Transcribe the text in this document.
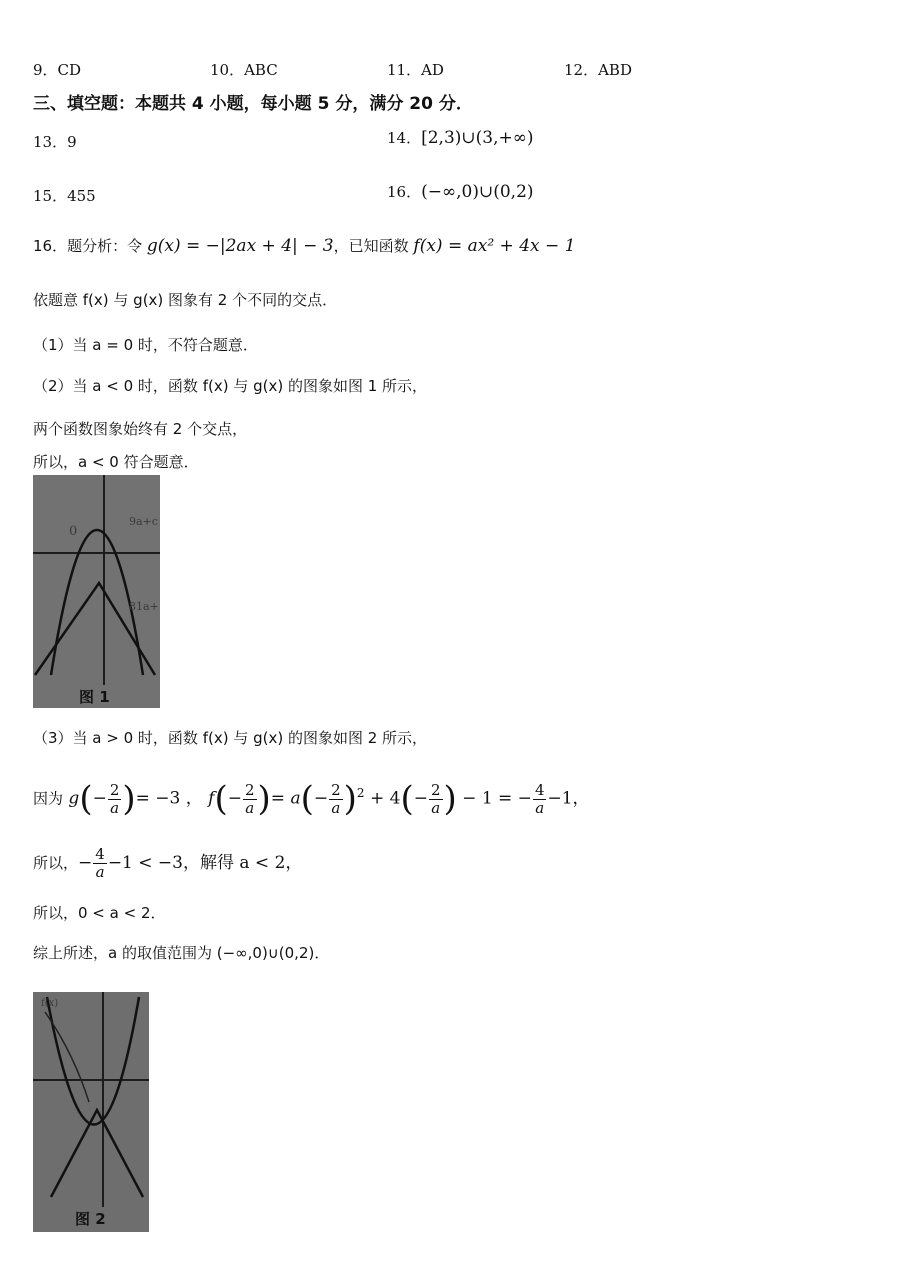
9．CD	10．ABC	11．AD	12．ABD
三、填空题：本题共 4 小题，每小题 5 分，满分 20 分．
13．9	14．[2,3)∪(3,+∞)
15．455	16．(−∞,0)∪(0,2)
16．题分析：令 g(x) = −|2ax + 4| − 3，已知函数 f(x) = ax² + 4x − 1
依题意 f(x) 与 g(x) 图象有 2 个不同的交点．
（1）当 a = 0 时，不符合题意．
（2）当 a < 0 时，函数 f(x) 与 g(x) 的图象如图 1 所示，
两个函数图象始终有 2 个交点，
所以，a < 0 符合题意．
0
9a+c
81a+
图 1
（3）当 a > 0 时，函数 f(x) 与 g(x) 的图象如图 2 所示，
因为 $g(- \frac{2}{a}$ )= −3 ， $f(- \frac{2}{a}$ )= $a(- \frac{2}{a} )^2 + 4(- \frac{2}{a}$ ) − 1 = − $\frac{4}{a} -1$，
所以，− $\frac{4}{a} -1 < -3$，解得 a < 2，
所以，0 < a < 2．
综上所述，a 的取值范围为 (−∞,0)∪(0,2)．
f(x)
图 2
